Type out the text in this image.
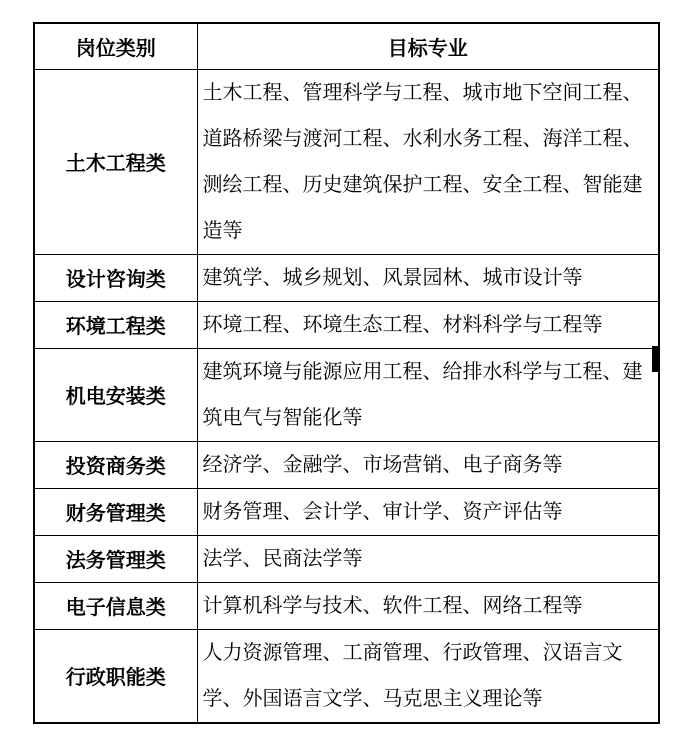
岗位类别	目标专业
土木工程类	土木工程、管理科学与工程、城市地下空间工程、道路桥梁与渡河工程、水利水务工程、海洋工程、测绘工程、历史建筑保护工程、安全工程、智能建造等
设计咨询类	建筑学、城乡规划、风景园林、城市设计等
环境工程类	环境工程、环境生态工程、材料科学与工程等
机电安装类	建筑环境与能源应用工程、给排水科学与工程、建筑电气与智能化等
投资商务类	经济学、金融学、市场营销、电子商务等
财务管理类	财务管理、会计学、审计学、资产评估等
法务管理类	法学、民商法学等
电子信息类	计算机科学与技术、软件工程、网络工程等
行政职能类	人力资源管理、工商管理、行政管理、汉语言文学、外国语言文学、马克思主义理论等
